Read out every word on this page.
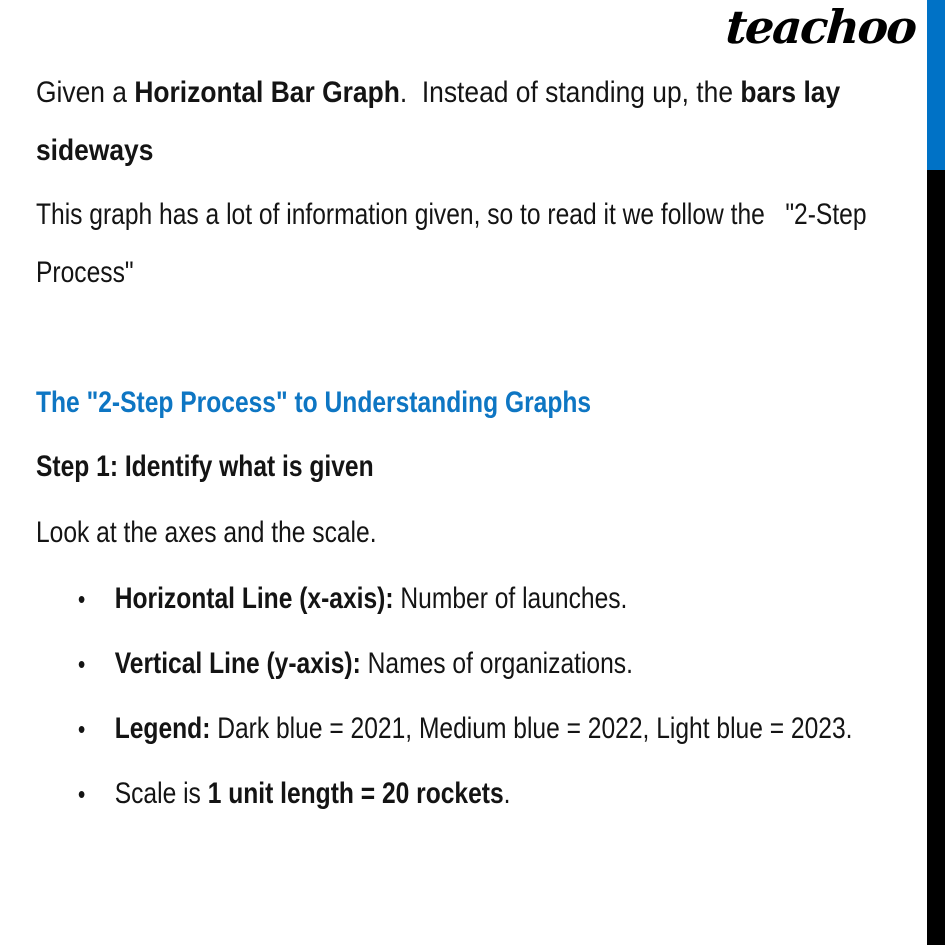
teachoo

Given a Horizontal Bar Graph.  Instead of standing up, the bars lay sideways

This graph has a lot of information given, so to read it we follow the   "2-Step Process"

The "2-Step Process" to Understanding Graphs

Step 1: Identify what is given

Look at the axes and the scale.

• Horizontal Line (x-axis): Number of launches.
• Vertical Line (y-axis): Names of organizations.
• Legend: Dark blue = 2021, Medium blue = 2022, Light blue = 2023.
• Scale is 1 unit length = 20 rockets.
